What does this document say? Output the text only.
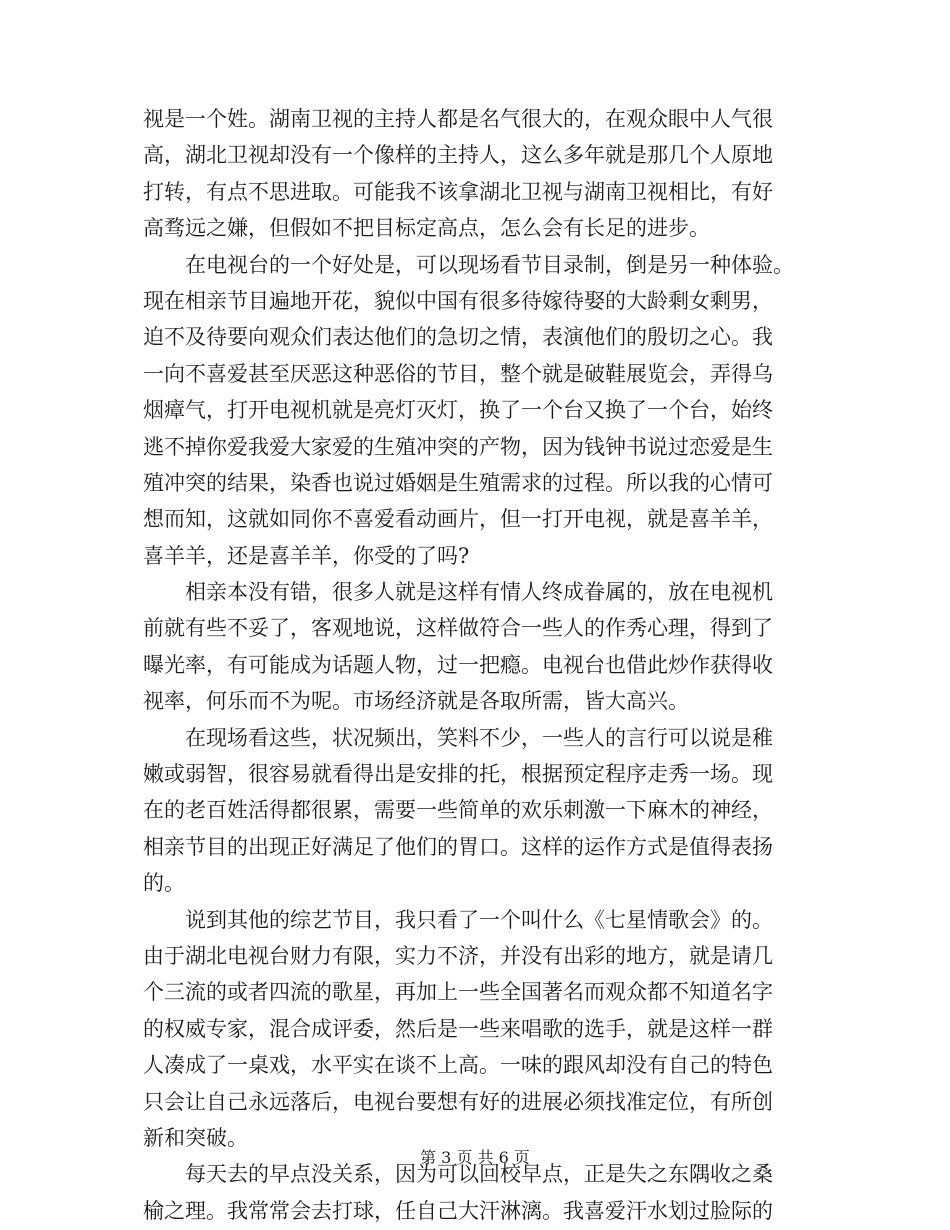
视是一个姓。湖南卫视的主持人都是名气很大的，在观众眼中人气很
高，湖北卫视却没有一个像样的主持人，这么多年就是那几个人原地
打转，有点不思进取。可能我不该拿湖北卫视与湖南卫视相比，有好
高骛远之嫌，但假如不把目标定高点，怎么会有长足的进步。
　　在电视台的一个好处是，可以现场看节目录制，倒是另一种体验。
现在相亲节目遍地开花，貌似中国有很多待嫁待娶的大龄剩女剩男，
迫不及待要向观众们表达他们的急切之情，表演他们的殷切之心。我
一向不喜爱甚至厌恶这种恶俗的节目，整个就是破鞋展览会，弄得乌
烟瘴气，打开电视机就是亮灯灭灯，换了一个台又换了一个台，始终
逃不掉你爱我爱大家爱的生殖冲突的产物，因为钱钟书说过恋爱是生
殖冲突的结果，染香也说过婚姻是生殖需求的过程。所以我的心情可
想而知，这就如同你不喜爱看动画片，但一打开电视，就是喜羊羊，
喜羊羊，还是喜羊羊，你受的了吗?
　　相亲本没有错，很多人就是这样有情人终成眷属的，放在电视机
前就有些不妥了，客观地说，这样做符合一些人的作秀心理，得到了
曝光率，有可能成为话题人物，过一把瘾。电视台也借此炒作获得收
视率，何乐而不为呢。市场经济就是各取所需，皆大高兴。
　　在现场看这些，状况频出，笑料不少，一些人的言行可以说是稚
嫩或弱智，很容易就看得出是安排的托，根据预定程序走秀一场。现
在的老百姓活得都很累，需要一些简单的欢乐刺激一下麻木的神经，
相亲节目的出现正好满足了他们的胃口。这样的运作方式是值得表扬
的。
　　说到其他的综艺节目，我只看了一个叫什么《七星情歌会》的。
由于湖北电视台财力有限，实力不济，并没有出彩的地方，就是请几
个三流的或者四流的歌星，再加上一些全国著名而观众都不知道名字
的权威专家，混合成评委，然后是一些来唱歌的选手，就是这样一群
人凑成了一桌戏，水平实在谈不上高。一味的跟风却没有自己的特色
只会让自己永远落后，电视台要想有好的进展必须找准定位，有所创
新和突破。
　　每天去的早点没关系，因为可以回校早点，正是失之东隅收之桑
榆之理。我常常会去打球，任自己大汗淋漓。我喜爱汗水划过脸际的
第 3 页 共 6 页
